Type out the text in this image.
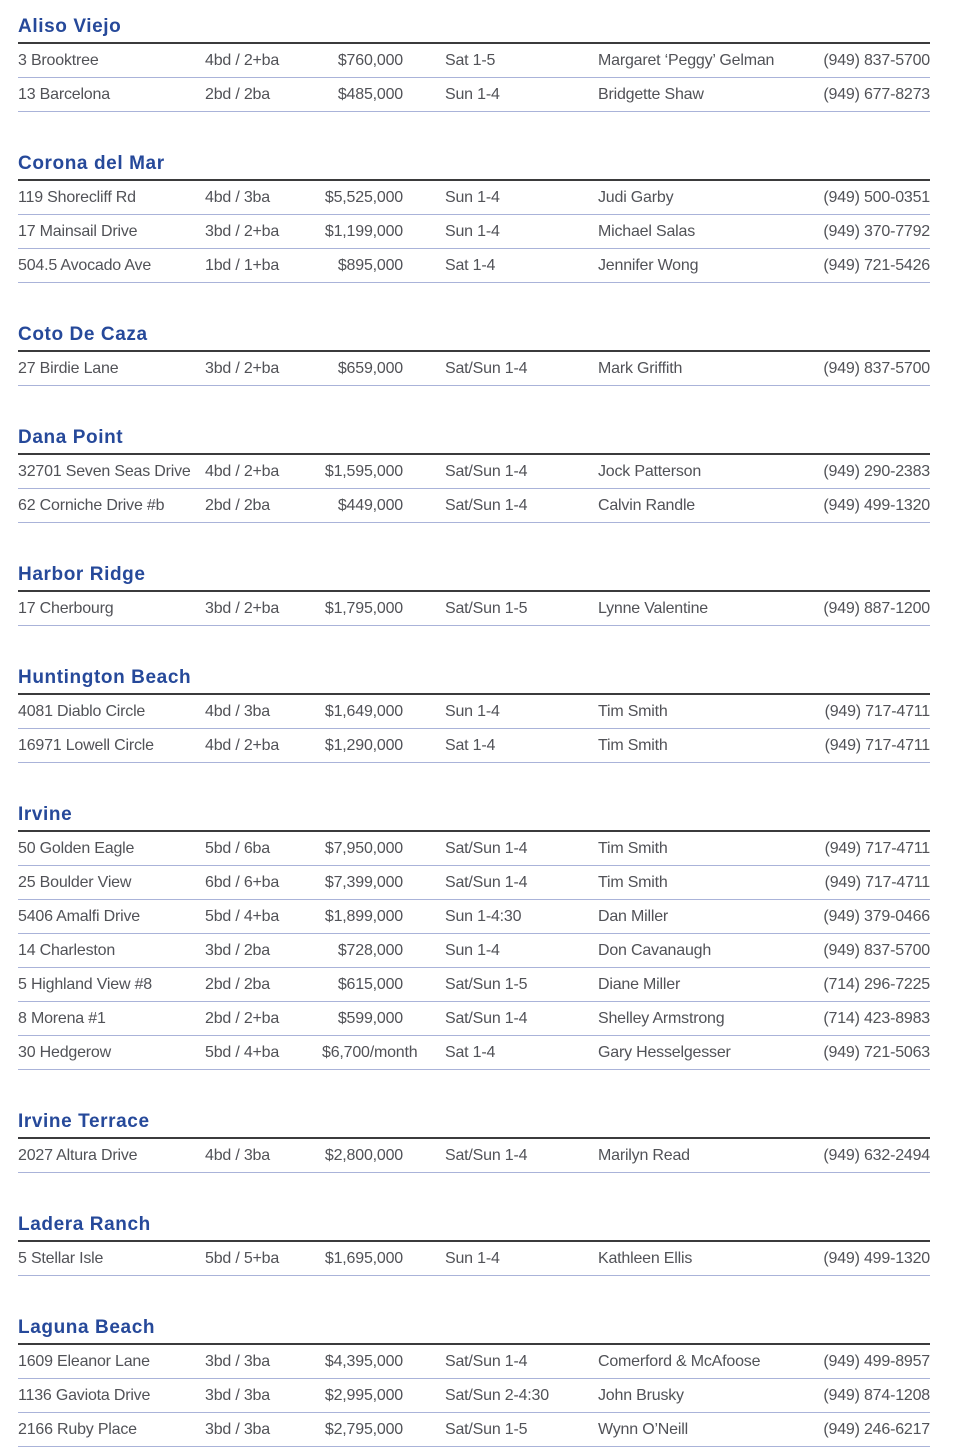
Aliso Viejo
3 Brooktree	4bd / 2+ba	$760,000	Sat 1-5	Margaret ‘Peggy’ Gelman	(949) 837-5700
13 Barcelona	2bd / 2ba	$485,000	Sun 1-4	Bridgette Shaw	(949) 677-8273
Corona del Mar
119 Shorecliff Rd	4bd / 3ba	$5,525,000	Sun 1-4	Judi Garby	(949) 500-0351
17 Mainsail Drive	3bd / 2+ba	$1,199,000	Sun 1-4	Michael Salas	(949) 370-7792
504.5 Avocado Ave	1bd / 1+ba	$895,000	Sat 1-4	Jennifer Wong	(949) 721-5426
Coto De Caza
27 Birdie Lane	3bd / 2+ba	$659,000	Sat/Sun 1-4	Mark Griffith	(949) 837-5700
Dana Point
32701 Seven Seas Drive 4bd / 2+ba	$1,595,000	Sat/Sun 1-4	Jock Patterson	(949) 290-2383
62 Corniche Drive #b	2bd / 2ba	$449,000	Sat/Sun 1-4	Calvin Randle	(949) 499-1320
Harbor Ridge
17 Cherbourg	3bd / 2+ba	$1,795,000	Sat/Sun 1-5	Lynne Valentine	(949) 887-1200
Huntington Beach
4081 Diablo Circle	4bd / 3ba	$1,649,000	Sun 1-4	Tim Smith	(949) 717-4711
16971 Lowell Circle	4bd / 2+ba	$1,290,000	Sat 1-4	Tim Smith	(949) 717-4711
Irvine
50 Golden Eagle	5bd / 6ba	$7,950,000	Sat/Sun 1-4	Tim Smith	(949) 717-4711
25 Boulder View	6bd / 6+ba	$7,399,000	Sat/Sun 1-4	Tim Smith	(949) 717-4711
5406 Amalfi Drive	5bd / 4+ba	$1,899,000	Sun 1-4:30	Dan Miller	(949) 379-0466
14 Charleston	3bd / 2ba	$728,000	Sun 1-4	Don Cavanaugh	(949) 837-5700
5 Highland View #8	2bd / 2ba	$615,000	Sat/Sun 1-5	Diane Miller	(714) 296-7225
8 Morena #1	2bd / 2+ba	$599,000	Sat/Sun 1-4	Shelley Armstrong	(714) 423-8983
30 Hedgerow	5bd / 4+ba	$6,700/month	Sat 1-4	Gary Hesselgesser	(949) 721-5063
Irvine Terrace
2027 Altura Drive	4bd / 3ba	$2,800,000	Sat/Sun 1-4	Marilyn Read	(949) 632-2494
Ladera Ranch
5 Stellar Isle	5bd / 5+ba	$1,695,000	Sun 1-4	Kathleen Ellis	(949) 499-1320
Laguna Beach
1609 Eleanor Lane	3bd / 3ba	$4,395,000	Sat/Sun 1-4	Comerford & McAfoose	(949) 499-8957
1136 Gaviota Drive	3bd / 3ba	$2,995,000	Sat/Sun 2-4:30	John Brusky	(949) 874-1208
2166 Ruby Place	3bd / 3ba	$2,795,000	Sat/Sun 1-5	Wynn O’Neill	(949) 246-6217
